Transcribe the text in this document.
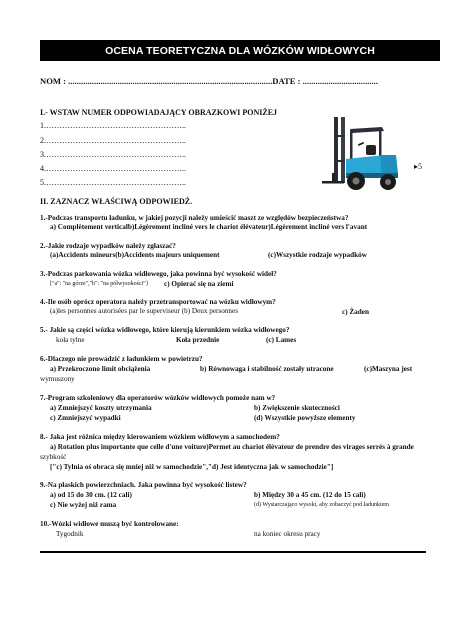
OCENA TEORETYCZNA DLA WÓZKÓW WIDŁOWYCH
NOM : ...............................................................................................DATE : ...................................
I.- WSTAW NUMER ODPOWIADAJĄCY OBRAZKOWI PONIŻEJ
1.……………………………………………..
2.……………………………………………..
3.……………………………………………..
4.……………………………………………..
5.……………………………………………..
▸5
II. ZAZNACZ WŁAŚCIWĄ ODPOWIEDŹ.
1.-Podczas transportu ładunku, w jakiej pozycji należy umieścić maszt ze względów bezpieczeństwa?
a) Complètement verticalb)Légèrement incliné vers le chariot élévateur)Légèrement incliné vers l'avant
2.-Jakie rodzaje wypadków należy zgłaszać?
(a)Accidents mineurs(b)Accidents majeurs uniquement	(c)Wszystkie rodzaje wypadków
3.-Podczas parkowania wózka widłowego, jaka powinna być wysokość wideł?
["a": "na górze","b": "na półwysokości"} c) Opierać się na ziemi
4.-Ile osób oprócz operatora należy przetransportować na wózku widłowym?
(a)les personnes autorisées par le superviseur (b) Deux personnes	c) Żaden
5.- Jakie są części wózka widłowego, które kierują kierunkiem wózka widłowego?
koła tylne	Koła przednie	(c) Lames
6.-Dlaczego nie prowadzić z ładunkiem w powietrzu?
a) Przekroczono limit obciążenia	b) Równowaga i stabilność zostały utracone	(c)Maszyna jest
wymuszony
7.-Program szkoleniowy dla operatorów wózków widłowych pomoże nam w?
a) Zmniejszyć koszty utrzymania	b) Zwiększenie skuteczności
c) Zmniejszyć wypadki	(d) Wszystkie powyższe elementy
8.- Jaka jest różnica między kierowaniem wózkiem widłowym a samochodem?
a) Rotation plus importante que celle d'une voiture)Permet au chariot élévateur de prendre des virages serrés à grande
szybkość
["c) Tylnia oś obraca się mniej niż w samochodzie","d) Jest identyczna jak w samochodzie"]
9.-Na płaskich powierzchniach. Jaka powinna być wysokość listew?
a) od 15 do 30 cm. (12 cali)	b) Między 30 a 45 cm. (12 do 15 cali)
c) Nie wyżej niż rama	(d) Wystarczająco wysoki, aby zobaczyć pod ładunkiem
10.-Wózki widłowe muszą być kontrolowane:
Tygodnik	na koniec okresu pracy
